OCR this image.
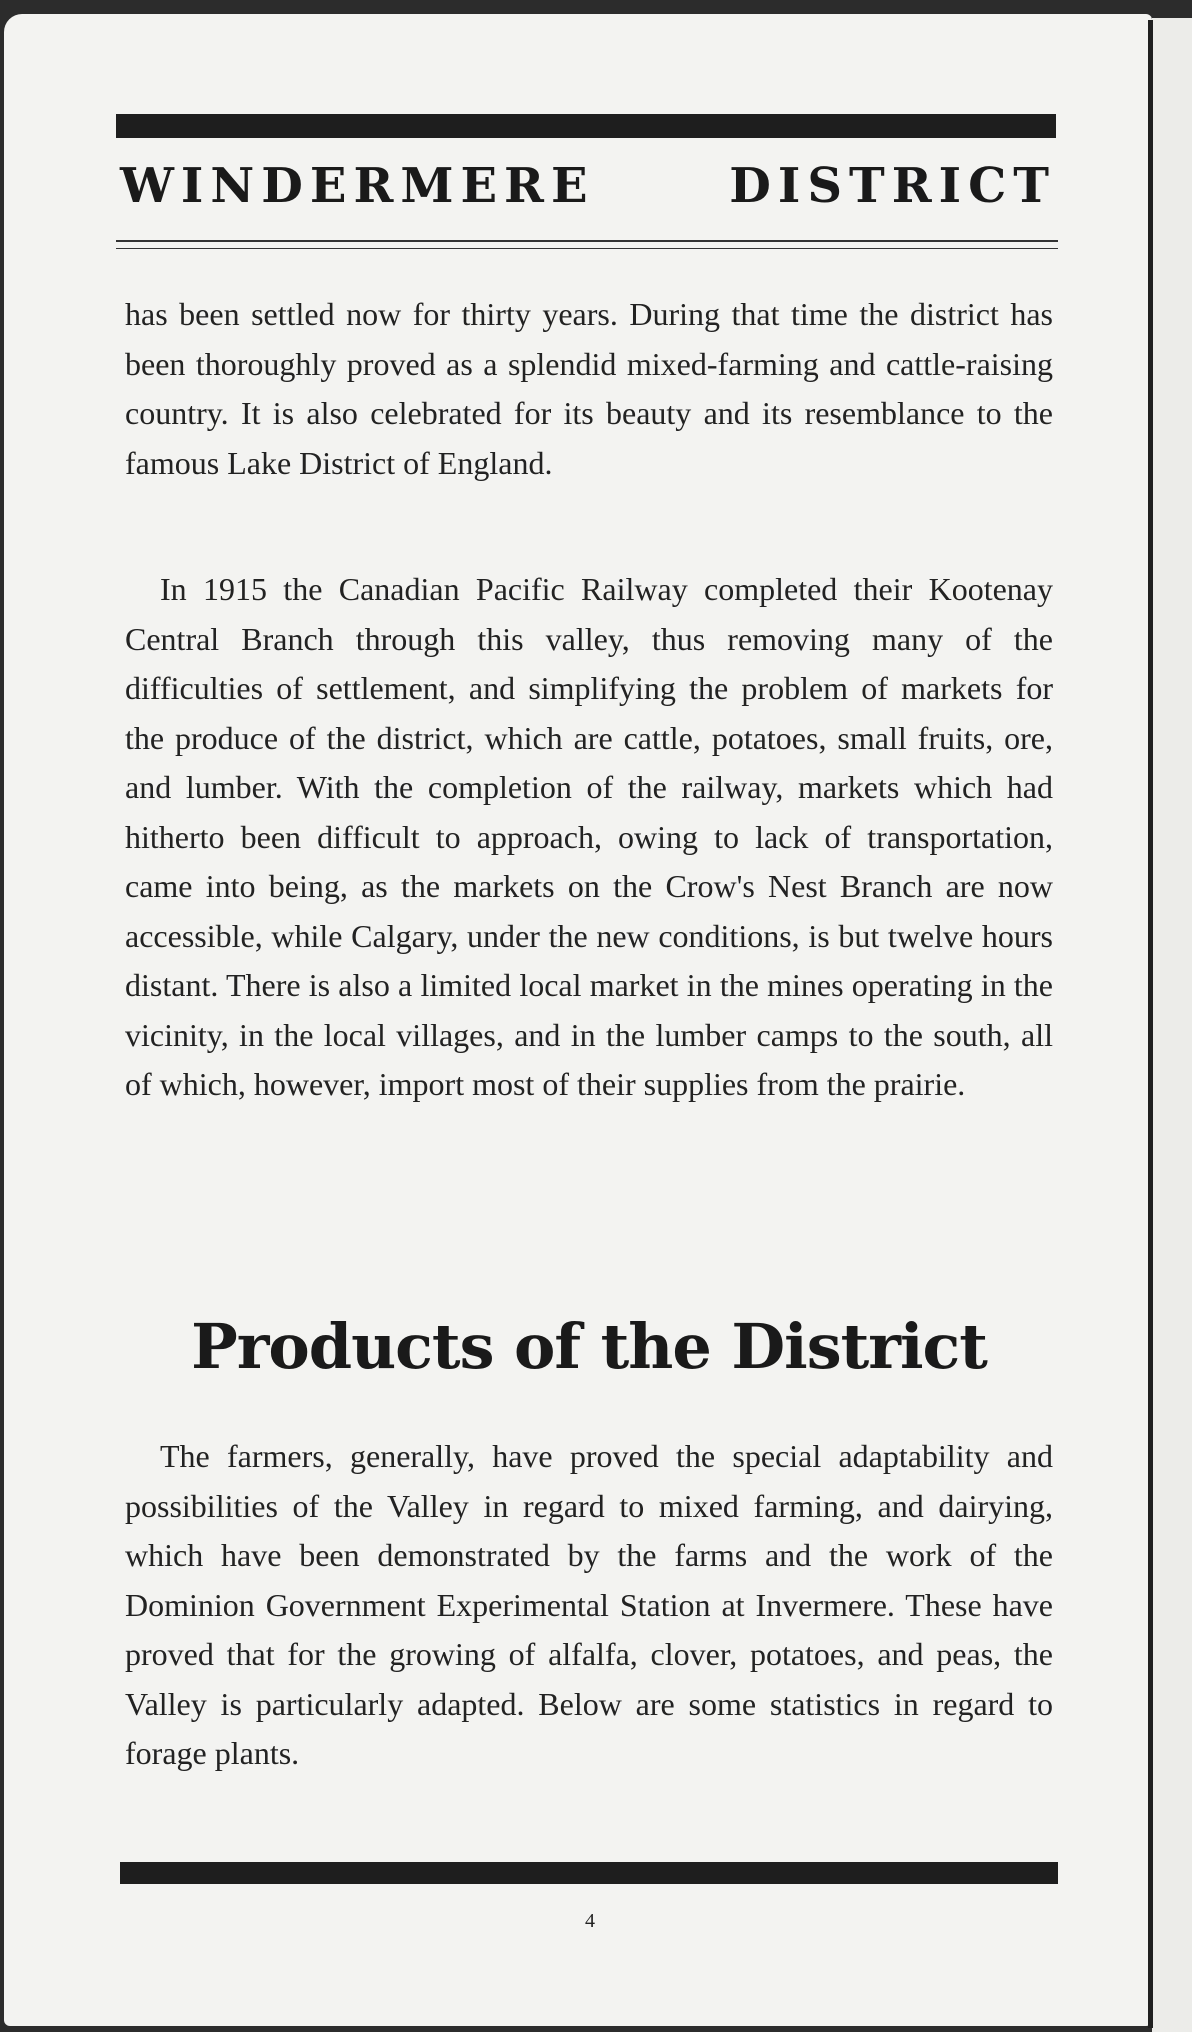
WINDERMERE DISTRICT

has been settled now for thirty years. During that time the district has been thoroughly proved as a splendid mixed-farming and cattle-raising country. It is also celebrated for its beauty and its resemblance to the famous Lake District of England.

In 1915 the Canadian Pacific Railway completed their Kootenay Central Branch through this valley, thus removing many of the difficulties of settlement, and simplifying the problem of markets for the produce of the district, which are cattle, potatoes, small fruits, ore, and lumber. With the completion of the railway, markets which had hitherto been difficult to approach, owing to lack of transportation, came into being, as the markets on the Crow's Nest Branch are now accessible, while Calgary, under the new conditions, is but twelve hours distant. There is also a limited local market in the mines operating in the vicinity, in the local villages, and in the lumber camps to the south, all of which, however, import most of their supplies from the prairie.

Products of the District

The farmers, generally, have proved the special adaptability and possibilities of the Valley in regard to mixed farming, and dairying, which have been demonstrated by the farms and the work of the Dominion Government Experimental Station at Invermere. These have proved that for the growing of alfalfa, clover, potatoes, and peas, the Valley is particularly adapted. Below are some statistics in regard to forage plants.

4
